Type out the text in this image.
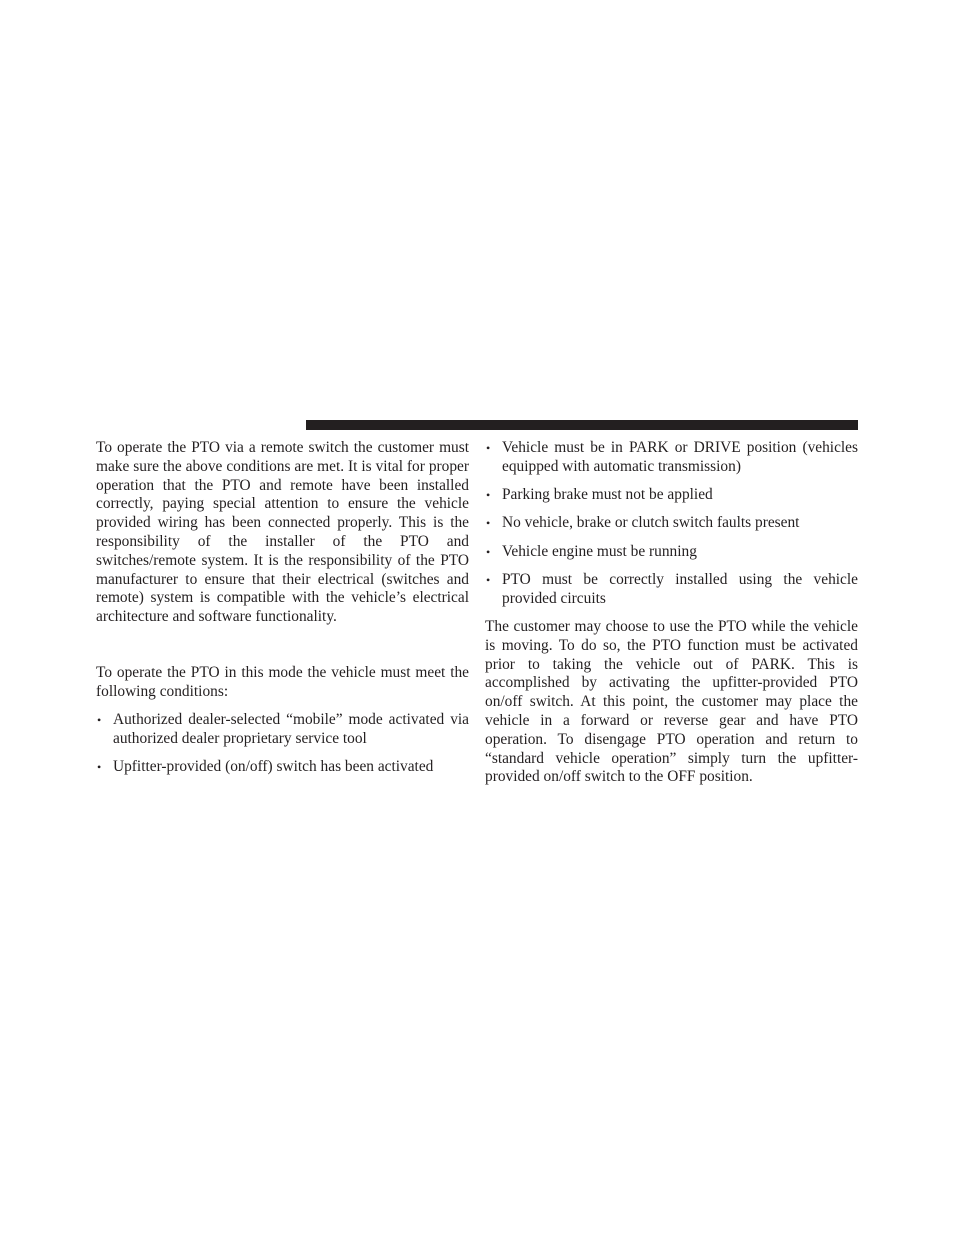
To operate the PTO via a remote switch the customer must make sure the above conditions are met. It is vital for proper operation that the PTO and remote have been installed correctly, paying special attention to ensure the vehicle provided wiring has been connected properly. This is the responsibility of the installer of the PTO and switches/remote system. It is the responsibility of the PTO manufacturer to ensure that their electrical (switches and remote) system is compatible with the vehicle’s electrical architecture and software functionality.

To operate the PTO in this mode the vehicle must meet the following conditions:

• Authorized dealer-selected “mobile” mode activated via authorized dealer proprietary service tool
• Upfitter-provided (on/off) switch has been activated
• Vehicle must be in PARK or DRIVE position (vehicles equipped with automatic transmission)
• Parking brake must not be applied
• No vehicle, brake or clutch switch faults present
• Vehicle engine must be running
• PTO must be correctly installed using the vehicle provided circuits

The customer may choose to use the PTO while the vehicle is moving. To do so, the PTO function must be activated prior to taking the vehicle out of PARK. This is accomplished by activating the upfitter-provided PTO on/off switch. At this point, the customer may place the vehicle in a forward or reverse gear and have PTO operation. To disengage PTO operation and return to “standard vehicle operation” simply turn the upfitter-provided on/off switch to the OFF position.
